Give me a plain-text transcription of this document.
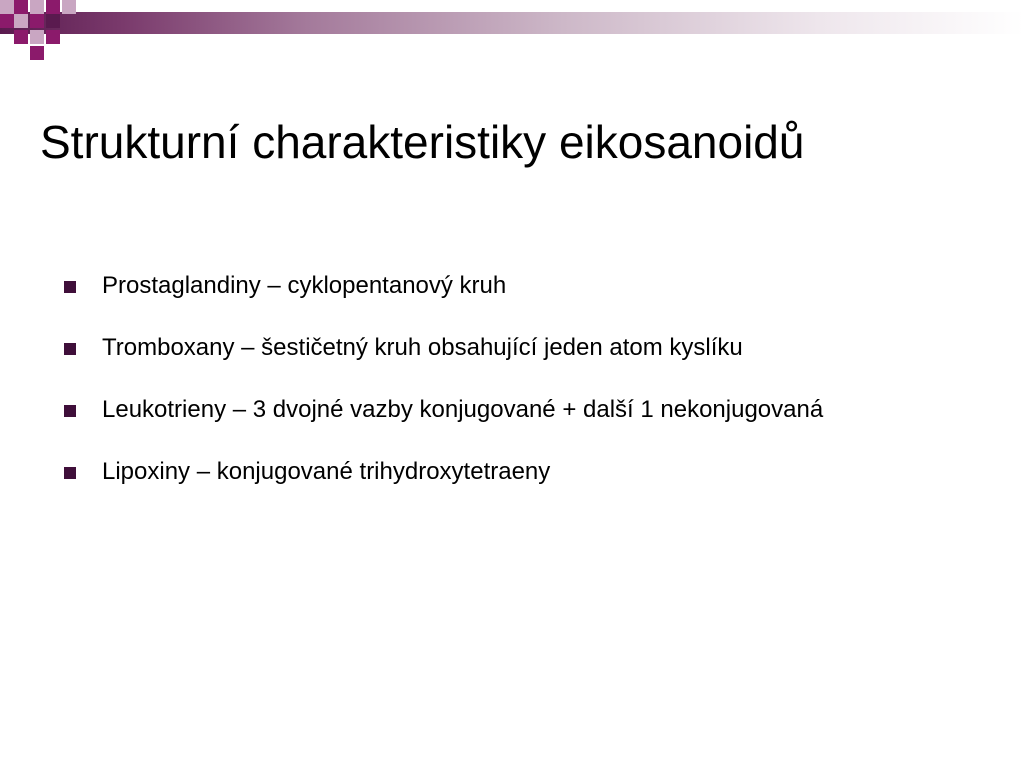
Strukturní charakteristiky eikosanoidů
Prostaglandiny – cyklopentanový kruh
Tromboxany – šestičetný kruh obsahující jeden atom kyslíku
Leukotrieny – 3 dvojné vazby konjugované + další 1 nekonjugovaná
Lipoxiny – konjugované trihydroxytetraeny
